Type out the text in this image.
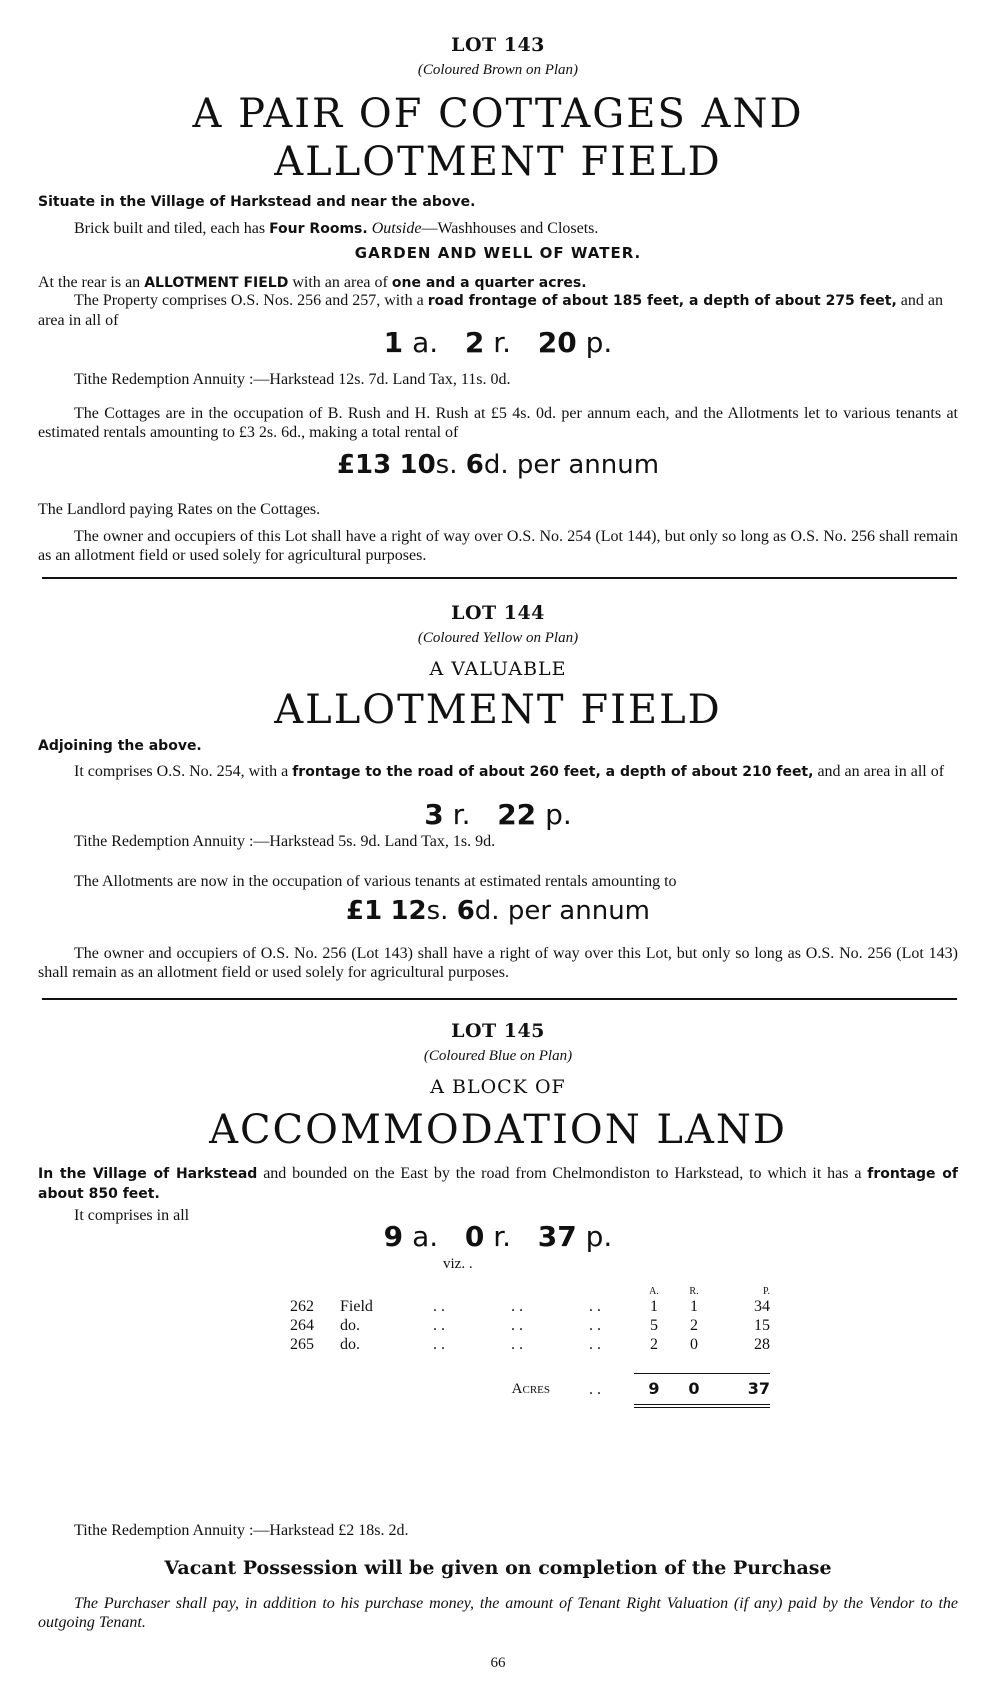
LOT 143
(Coloured Brown on Plan)
A PAIR OF COTTAGES AND
ALLOTMENT FIELD
Situate in the Village of Harkstead and near the above.
Brick built and tiled, each has Four Rooms. Outside—Washhouses and Closets.
GARDEN AND WELL OF WATER.
At the rear is an ALLOTMENT FIELD with an area of one and a quarter acres.
The Property comprises O.S. Nos. 256 and 257, with a road frontage of about 185 feet, a depth of about 275 feet, and an area in all of
1 a. 2 r. 20 p.
Tithe Redemption Annuity :—Harkstead 12s. 7d. Land Tax, 11s. 0d.
The Cottages are in the occupation of B. Rush and H. Rush at £5 4s. 0d. per annum each, and the Allotments let to various tenants at estimated rentals amounting to £3 2s. 6d., making a total rental of
£13 10s. 6d. per annum
The Landlord paying Rates on the Cottages.
The owner and occupiers of this Lot shall have a right of way over O.S. No. 254 (Lot 144), but only so long as O.S. No. 256 shall remain as an allotment field or used solely for agricultural purposes.
LOT 144
(Coloured Yellow on Plan)
A VALUABLE
ALLOTMENT FIELD
Adjoining the above.
It comprises O.S. No. 254, with a frontage to the road of about 260 feet, a depth of about 210 feet, and an area in all of
3 r. 22 p.
Tithe Redemption Annuity :—Harkstead 5s. 9d. Land Tax, 1s. 9d.
The Allotments are now in the occupation of various tenants at estimated rentals amounting to
£1 12s. 6d. per annum
The owner and occupiers of O.S. No. 256 (Lot 143) shall have a right of way over this Lot, but only so long as O.S. No. 256 (Lot 143) shall remain as an allotment field or used solely for agricultural purposes.
LOT 145
(Coloured Blue on Plan)
A BLOCK OF
ACCOMMODATION LAND
In the Village of Harkstead and bounded on the East by the road from Chelmondiston to Harkstead, to which it has a frontage of about 850 feet.
It comprises in all
9 a. 0 r. 37 p.
viz. .
					A.	R.	P.
262	Field	. .	. .	. .	1	1	34
264	do.	. .	. .	. .	5	2	15
265	do.	. .	. .	. .	2	0	28

			Acres	. .	9	0	37
Tithe Redemption Annuity :—Harkstead £2 18s. 2d.
Vacant Possession will be given on completion of the Purchase
The Purchaser shall pay, in addition to his purchase money, the amount of Tenant Right Valuation (if any) paid by the Vendor to the outgoing Tenant.
66
